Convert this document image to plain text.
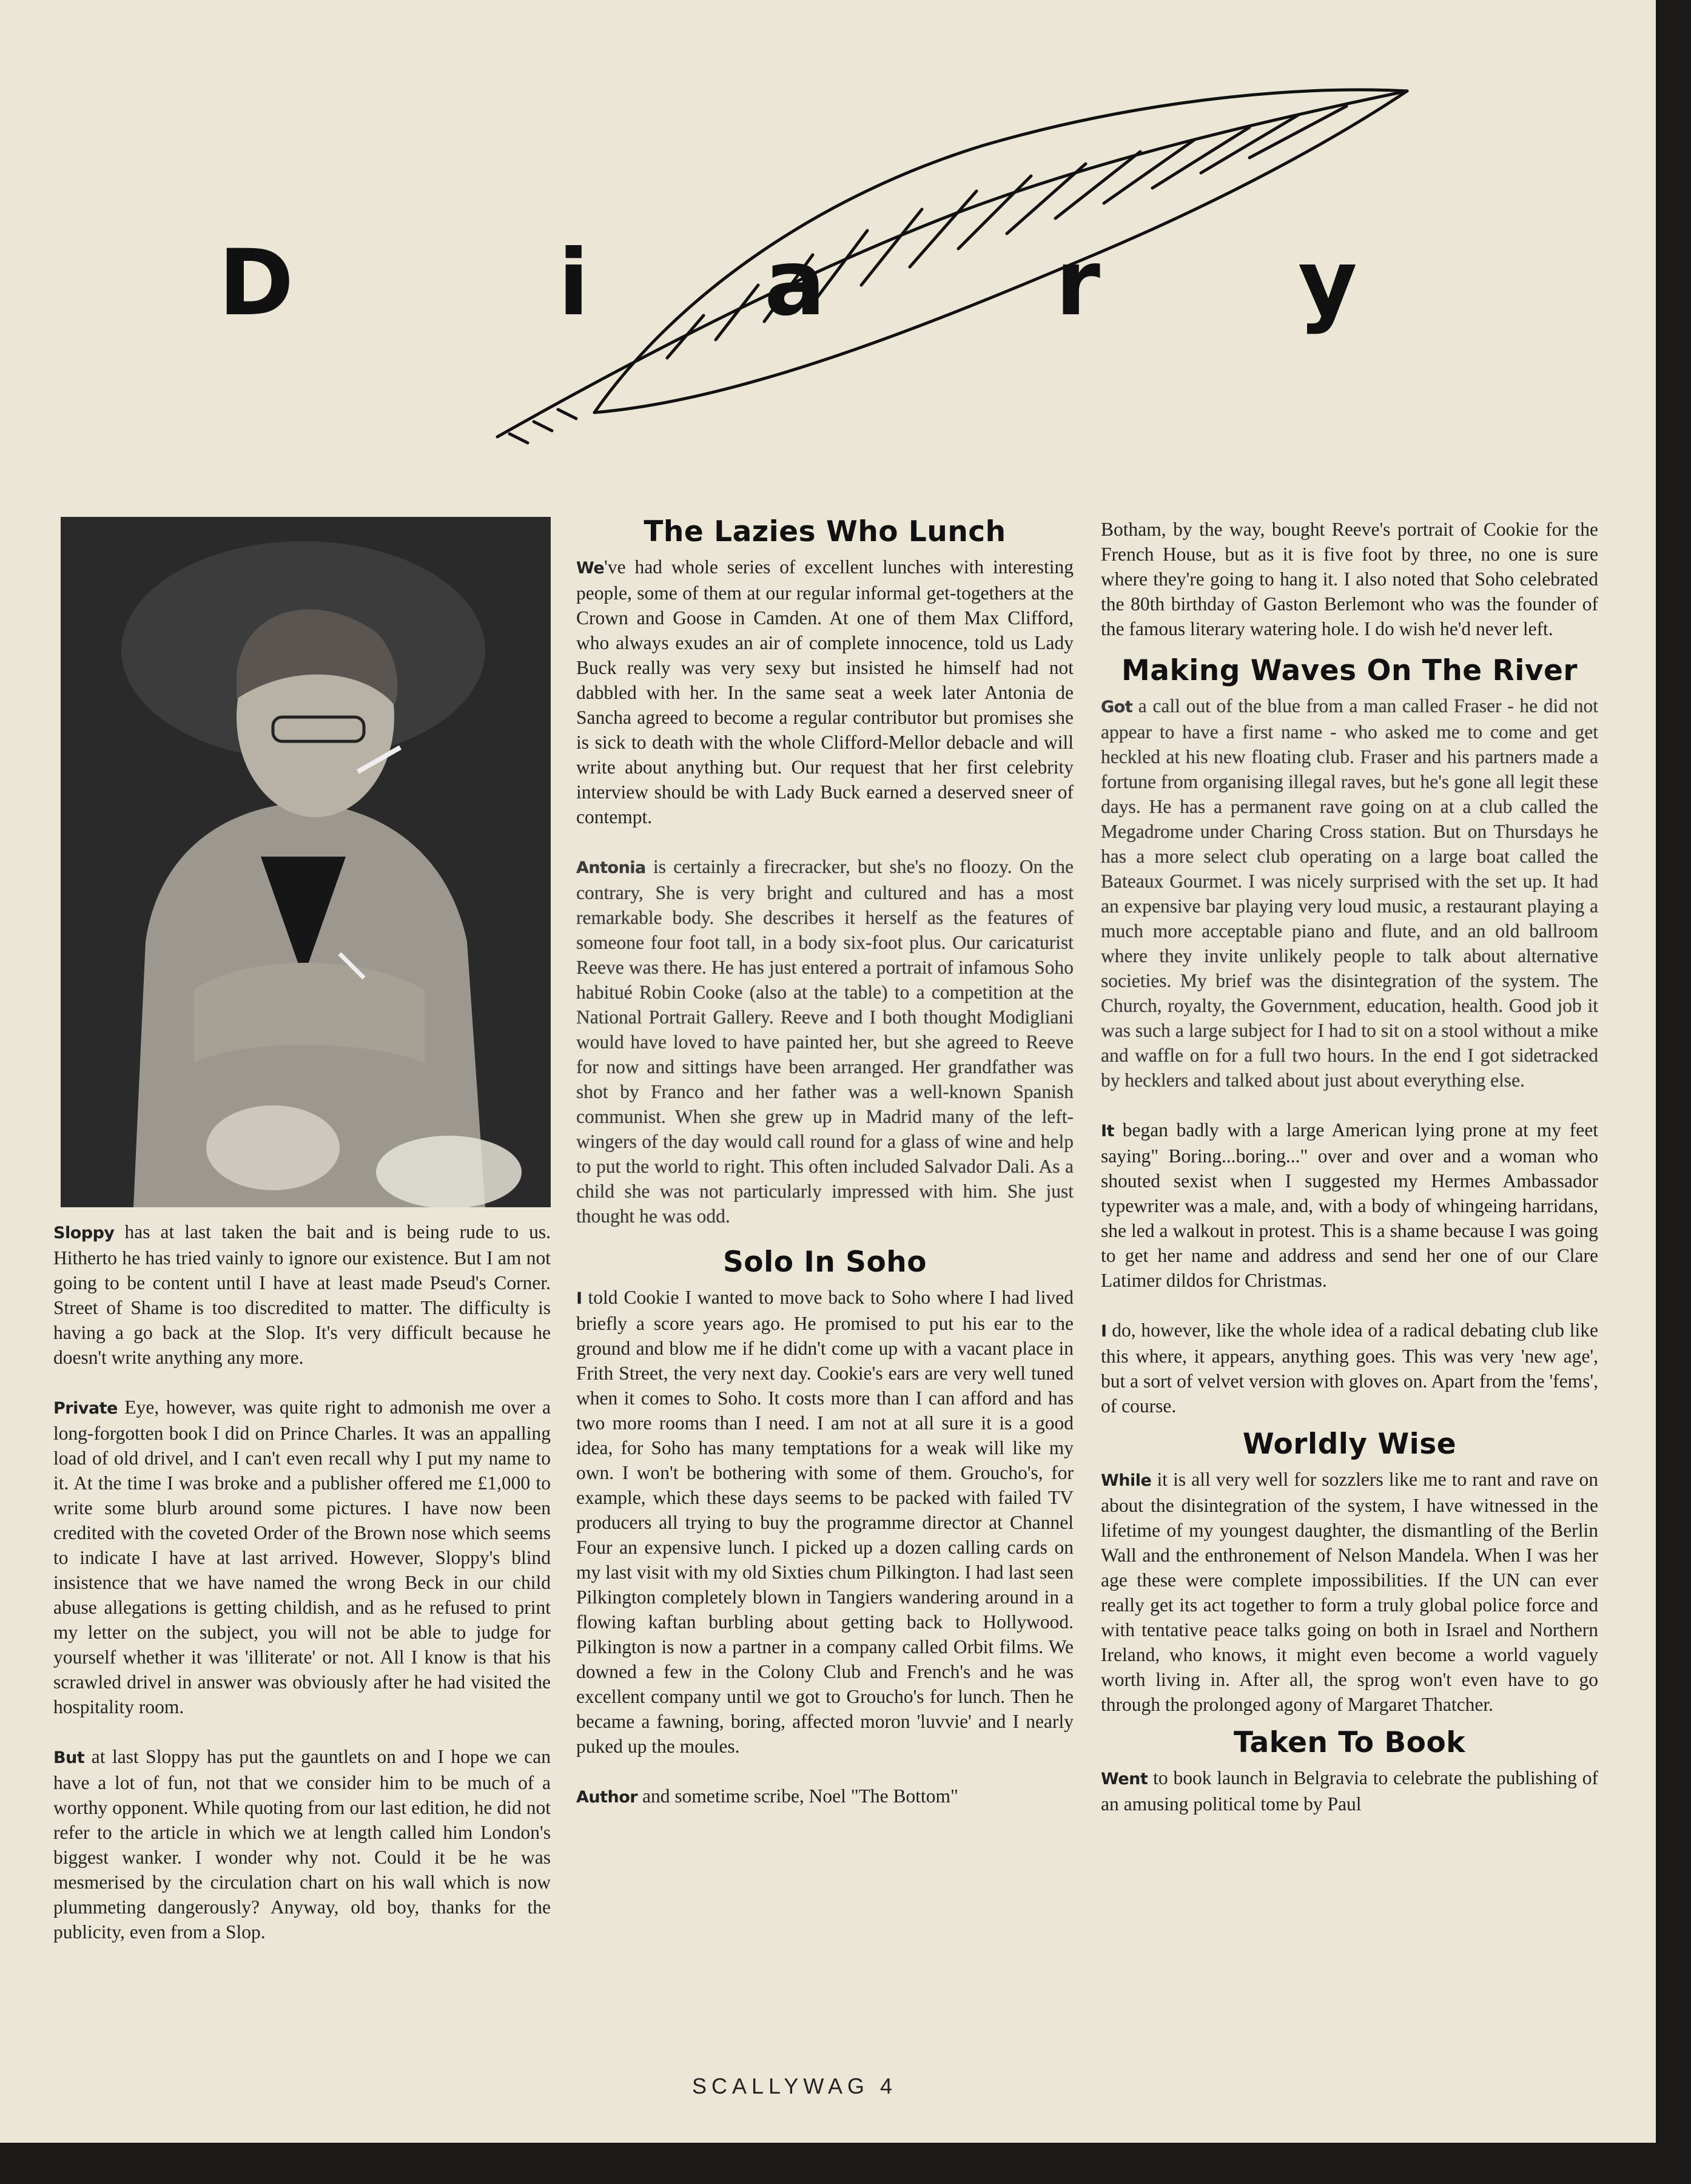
D	i a	r y

Sloppy has at last taken the bait and is being rude to us. Hitherto he has tried vainly to ignore our existence. But I am not going to be content until I have at least made Pseud's Corner. Street of Shame is too discredited to matter. The difficulty is having a go back at the Slop. It's very difficult because he doesn't write anything any more.

Private Eye, however, was quite right to admonish me over a long-forgotten book I did on Prince Charles. It was an appalling load of old drivel, and I can't even recall why I put my name to it. At the time I was broke and a publisher offered me £1,000 to write some blurb around some pictures. I have now been credited with the coveted Order of the Brown nose which seems to indicate I have at last arrived. However, Sloppy's blind insistence that we have named the wrong Beck in our child abuse allegations is getting childish, and as he refused to print my letter on the subject, you will not be able to judge for yourself whether it was 'illiterate' or not. All I know is that his scrawled drivel in answer was obviously after he had visited the hospitality room.

But at last Sloppy has put the gauntlets on and I hope we can have a lot of fun, not that we consider him to be much of a worthy opponent. While quoting from our last edition, he did not refer to the article in which we at length called him London's biggest wanker. I wonder why not. Could it be he was mesmerised by the circulation chart on his wall which is now plummeting dangerously? Anyway, old boy, thanks for the publicity, even from a Slop.

The Lazies Who Lunch

We've had whole series of excellent lunches with interesting people, some of them at our regular informal get-togethers at the Crown and Goose in Camden. At one of them Max Clifford, who always exudes an air of complete innocence, told us Lady Buck really was very sexy but insisted he himself had not dabbled with her. In the same seat a week later Antonia de Sancha agreed to become a regular contributor but promises she is sick to death with the whole Clifford-Mellor debacle and will write about anything but. Our request that her first celebrity interview should be with Lady Buck earned a deserved sneer of contempt.

Antonia is certainly a firecracker, but she's no floozy. On the contrary, She is very bright and cultured and has a most remarkable body. She describes it herself as the features of someone four foot tall, in a body six-foot plus. Our caricaturist Reeve was there. He has just entered a portrait of infamous Soho habitué Robin Cooke (also at the table) to a competition at the National Portrait Gallery. Reeve and I both thought Modigliani would have loved to have painted her, but she agreed to Reeve for now and sittings have been arranged. Her grandfather was shot by Franco and her father was a well-known Spanish communist. When she grew up in Madrid many of the left-wingers of the day would call round for a glass of wine and help to put the world to right. This often included Salvador Dali. As a child she was not particularly impressed with him. She just thought he was odd.

Solo In Soho

I told Cookie I wanted to move back to Soho where I had lived briefly a score years ago. He promised to put his ear to the ground and blow me if he didn't come up with a vacant place in Frith Street, the very next day. Cookie's ears are very well tuned when it comes to Soho. It costs more than I can afford and has two more rooms than I need. I am not at all sure it is a good idea, for Soho has many temptations for a weak will like my own. I won't be bothering with some of them. Groucho's, for example, which these days seems to be packed with failed TV producers all trying to buy the programme director at Channel Four an expensive lunch. I picked up a dozen calling cards on my last visit with my old Sixties chum Pilkington. I had last seen Pilkington completely blown in Tangiers wandering around in a flowing kaftan burbling about getting back to Hollywood. Pilkington is now a partner in a company called Orbit films. We downed a few in the Colony Club and French's and he was excellent company until we got to Groucho's for lunch. Then he became a fawning, boring, affected moron 'luvvie' and I nearly puked up the moules.

Author and sometime scribe, Noel "The Bottom"

Botham, by the way, bought Reeve's portrait of Cookie for the French House, but as it is five foot by three, no one is sure where they're going to hang it. I also noted that Soho celebrated the 80th birthday of Gaston Berlemont who was the founder of the famous literary watering hole. I do wish he'd never left.

Making Waves On The River

Got a call out of the blue from a man called Fraser - he did not appear to have a first name - who asked me to come and get heckled at his new floating club. Fraser and his partners made a fortune from organising illegal raves, but he's gone all legit these days. He has a permanent rave going on at a club called the Megadrome under Charing Cross station. But on Thursdays he has a more select club operating on a large boat called the Bateaux Gourmet. I was nicely surprised with the set up. It had an expensive bar playing very loud music, a restaurant playing a much more acceptable piano and flute, and an old ballroom where they invite unlikely people to talk about alternative societies. My brief was the disintegration of the system. The Church, royalty, the Government, education, health. Good job it was such a large subject for I had to sit on a stool without a mike and waffle on for a full two hours. In the end I got sidetracked by hecklers and talked about just about everything else.

It began badly with a large American lying prone at my feet saying" Boring...boring..." over and over and a woman who shouted sexist when I suggested my Hermes Ambassador typewriter was a male, and, with a body of whingeing harridans, she led a walkout in protest. This is a shame because I was going to get her name and address and send her one of our Clare Latimer dildos for Christmas.

I do, however, like the whole idea of a radical debating club like this where, it appears, anything goes. This was very 'new age', but a sort of velvet version with gloves on. Apart from the 'fems', of course.

Worldly Wise

While it is all very well for sozzlers like me to rant and rave on about the disintegration of the system, I have witnessed in the lifetime of my youngest daughter, the dismantling of the Berlin Wall and the enthronement of Nelson Mandela. When I was her age these were complete impossibilities. If the UN can ever really get its act together to form a truly global police force and with tentative peace talks going on both in Israel and Northern Ireland, who knows, it might even become a world vaguely worth living in. After all, the sprog won't even have to go through the prolonged agony of Margaret Thatcher.

Taken To Book

Went to book launch in Belgravia to celebrate the publishing of an amusing political tome by Paul

SCALLYWAG 4
